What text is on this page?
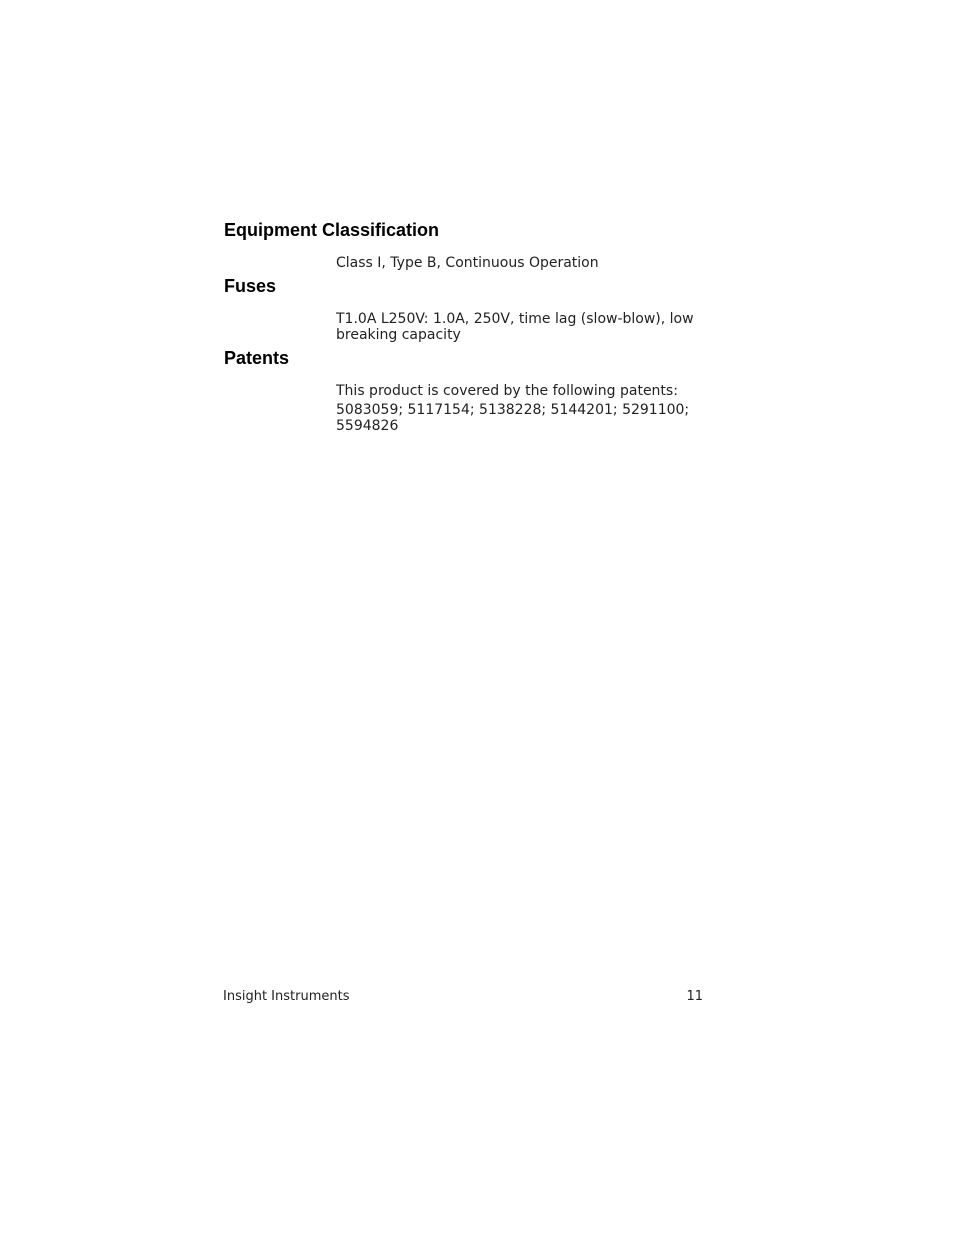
Equipment Classification

Class I, Type B, Continuous Operation

Fuses

T1.0A L250V: 1.0A, 250V, time lag (slow-blow), low breaking capacity

Patents

This product is covered by the following patents:

5083059; 5117154; 5138228; 5144201; 5291100; 5594826

Insight Instruments	11
